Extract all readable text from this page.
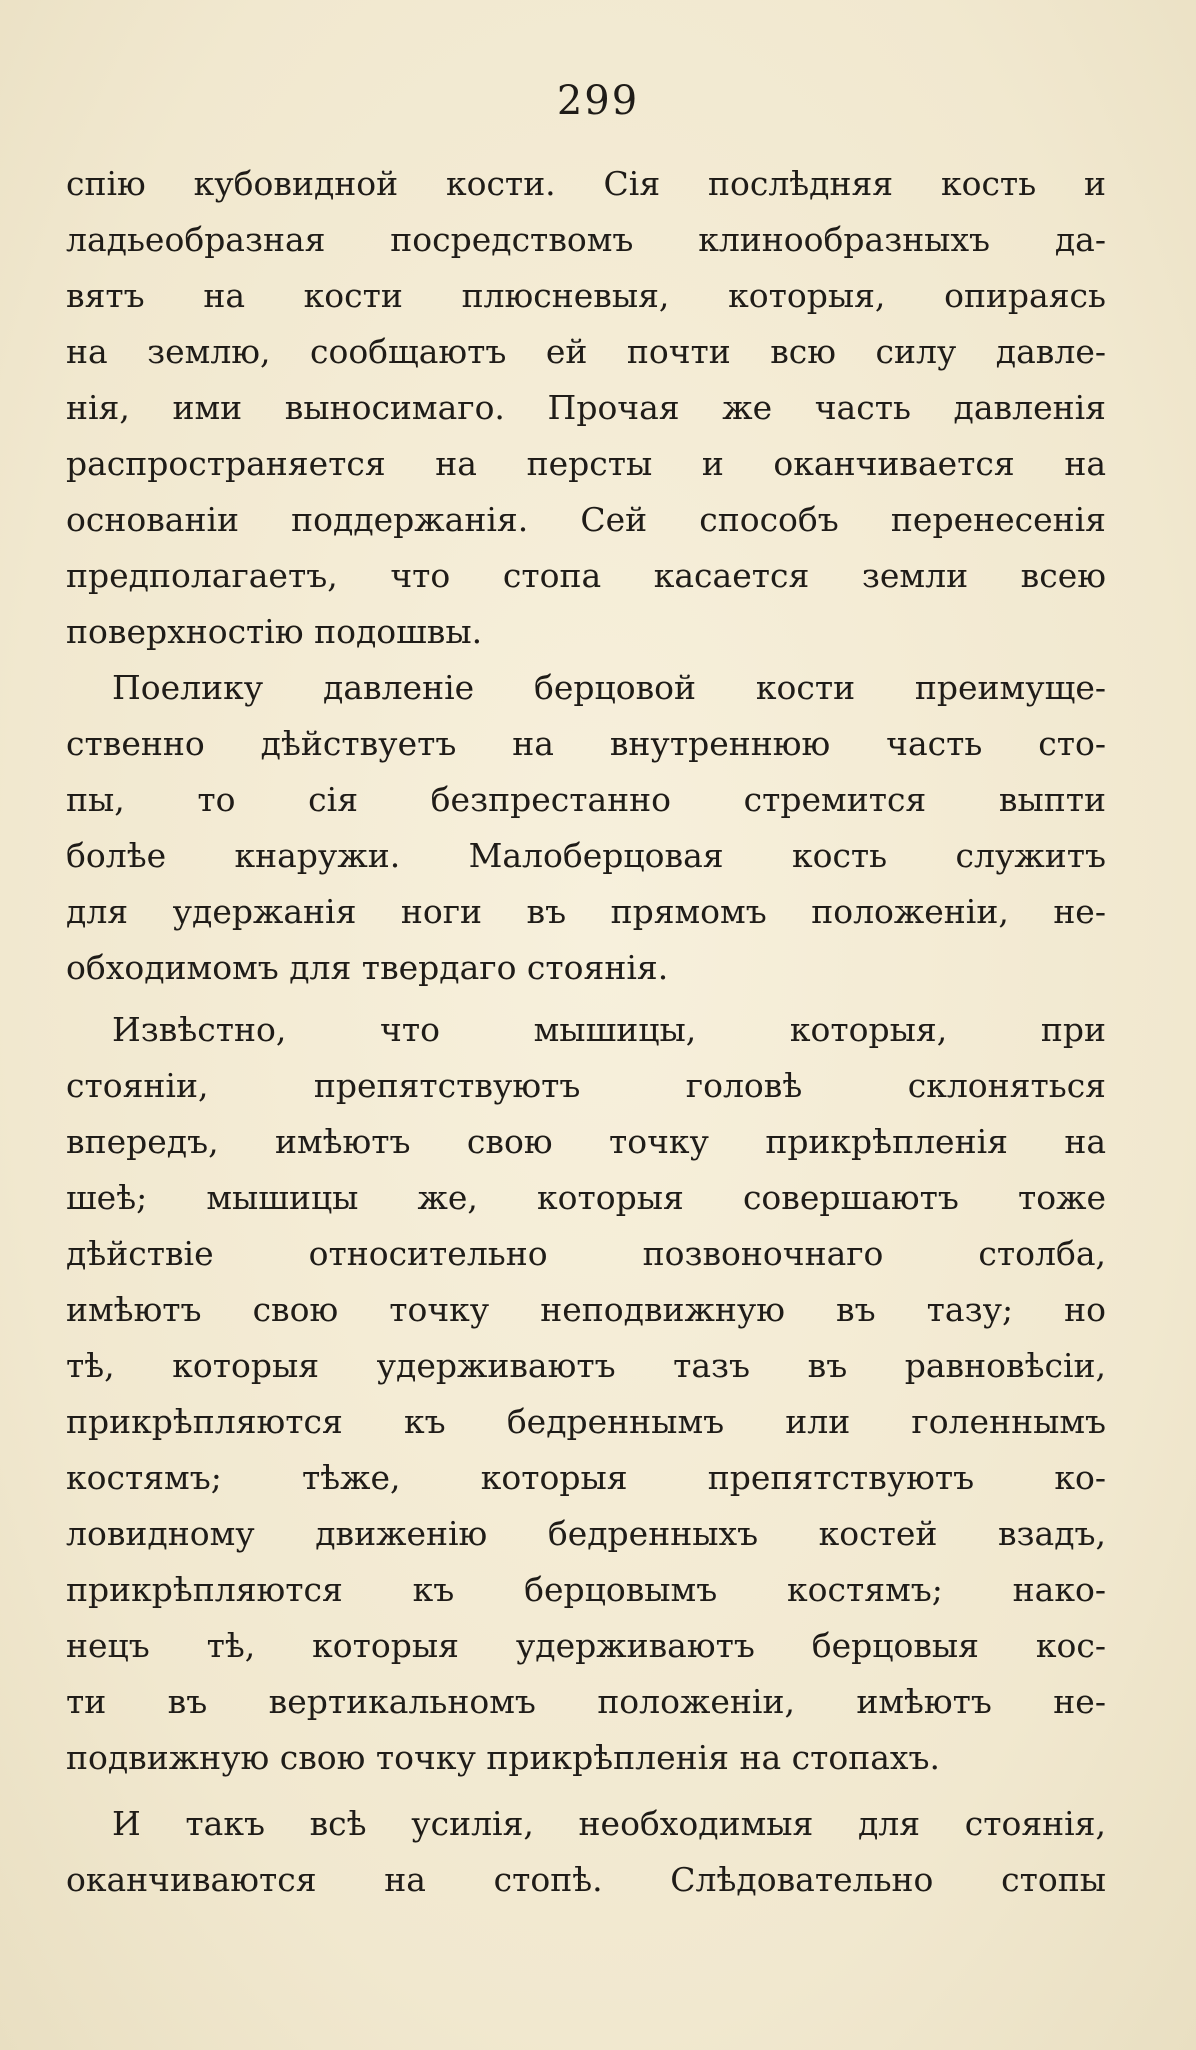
299
спію кубовидной кости. Сія послѣдняя кость и
ладьеобразная посредствомъ клинообразныхъ да-
вятъ на кости плюсневыя, которыя, опираясь
на землю, сообщаютъ ей почти всю силу давле-
нія, ими выносимаго. Прочая же часть давленія
распространяется на персты и оканчивается на
основанiи поддержанія. Сей способъ перенесенія
предполагаетъ, что стопа касается земли всею
поверхностію подошвы.
Поелику давленіе берцовой кости преимуще-
ственно дѣйствуетъ на внутреннюю часть сто-
пы, то сія безпрестанно стремится выпти
болѣе кнаружи. Малоберцовая кость служитъ
для удержанія ноги въ прямомъ положеніи, не-
обходимомъ для твердаго стоянія.
Извѣстно, что мышицы, которыя, при
стояніи, препятствуютъ головѣ склоняться
впередъ, имѣютъ свою точку прикрѣпленія на
шеѣ; мышицы же, которыя совершаютъ тоже
дѣйствіе относительно позвоночнаго столба,
имѣютъ свою точку неподвижную въ тазу; но
тѣ, которыя удерживаютъ тазъ въ равновѣсіи,
прикрѣпляются къ бедреннымъ или голеннымъ
костямъ; тѣже, которыя препятствуютъ ко-
ловидному движенію бедренныхъ костей взадъ,
прикрѣпляются къ берцовымъ костямъ; нако-
нецъ тѣ, которыя удерживаютъ берцовыя кос-
ти въ вертикальномъ положеніи, имѣютъ не-
подвижную свою точку прикрѣпленія на стопахъ.
И такъ всѣ усилія, необходимыя для стоянія,
оканчиваются на стопѣ. Слѣдовательно стопы
